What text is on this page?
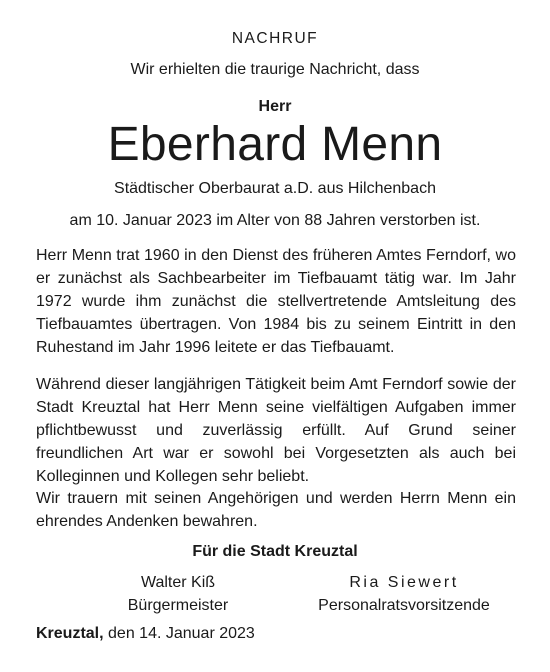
NACHRUF
Wir erhielten die traurige Nachricht, dass
Herr
Eberhard Menn
Städtischer Oberbaurat a.D. aus Hilchenbach
am 10. Januar 2023 im Alter von 88 Jahren verstorben ist.
Herr Menn trat 1960 in den Dienst des früheren Amtes Ferndorf, wo er zunächst als Sachbearbeiter im Tiefbauamt tätig war. Im Jahr 1972 wurde ihm zunächst die stellvertretende Amtsleitung des Tiefbauamtes übertragen. Von 1984 bis zu seinem Eintritt in den Ruhestand im Jahr 1996 leitete er das Tiefbauamt.
Während dieser langjährigen Tätigkeit beim Amt Ferndorf sowie der Stadt Kreuztal hat Herr Menn seine vielfältigen Aufgaben immer pflichtbewusst und zuverlässig erfüllt. Auf Grund seiner freundlichen Art war er sowohl bei Vorgesetzten als auch bei Kolleginnen und Kollegen sehr beliebt.
Wir trauern mit seinen Angehörigen und werden Herrn Menn ein ehrendes Andenken bewahren.
Für die Stadt Kreuztal
Walter Kiß
Bürgermeister
Ria Siewert
Personalratsvorsitzende
Kreuztal, den 14. Januar 2023
